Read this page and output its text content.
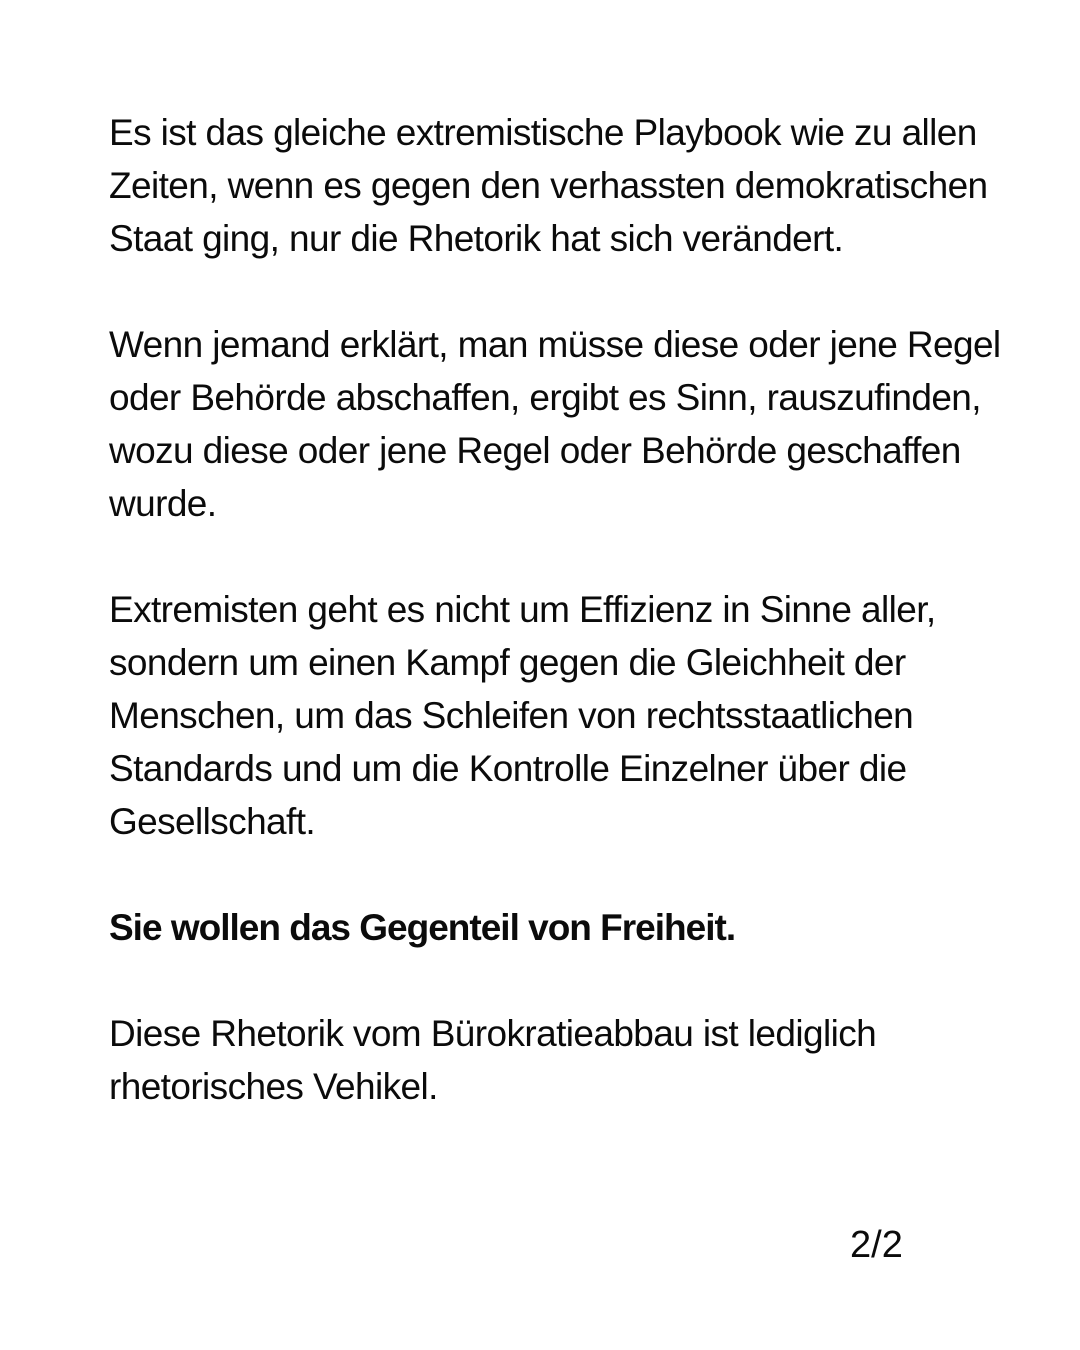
Es ist das gleiche extremistische Playbook wie zu allen Zeiten, wenn es gegen den verhassten demokratischen Staat ging, nur die Rhetorik hat sich verändert.

Wenn jemand erklärt, man müsse diese oder jene Regel oder Behörde abschaffen, ergibt es Sinn, rauszufinden, wozu diese oder jene Regel oder Behörde geschaffen wurde.

Extremisten geht es nicht um Effizienz in Sinne aller, sondern um einen Kampf gegen die Gleichheit der Menschen, um das Schleifen von rechtsstaatlichen Standards und um die Kontrolle Einzelner über die Gesellschaft.

Sie wollen das Gegenteil von Freiheit.

Diese Rhetorik vom Bürokratieabbau ist lediglich rhetorisches Vehikel.

2/2
